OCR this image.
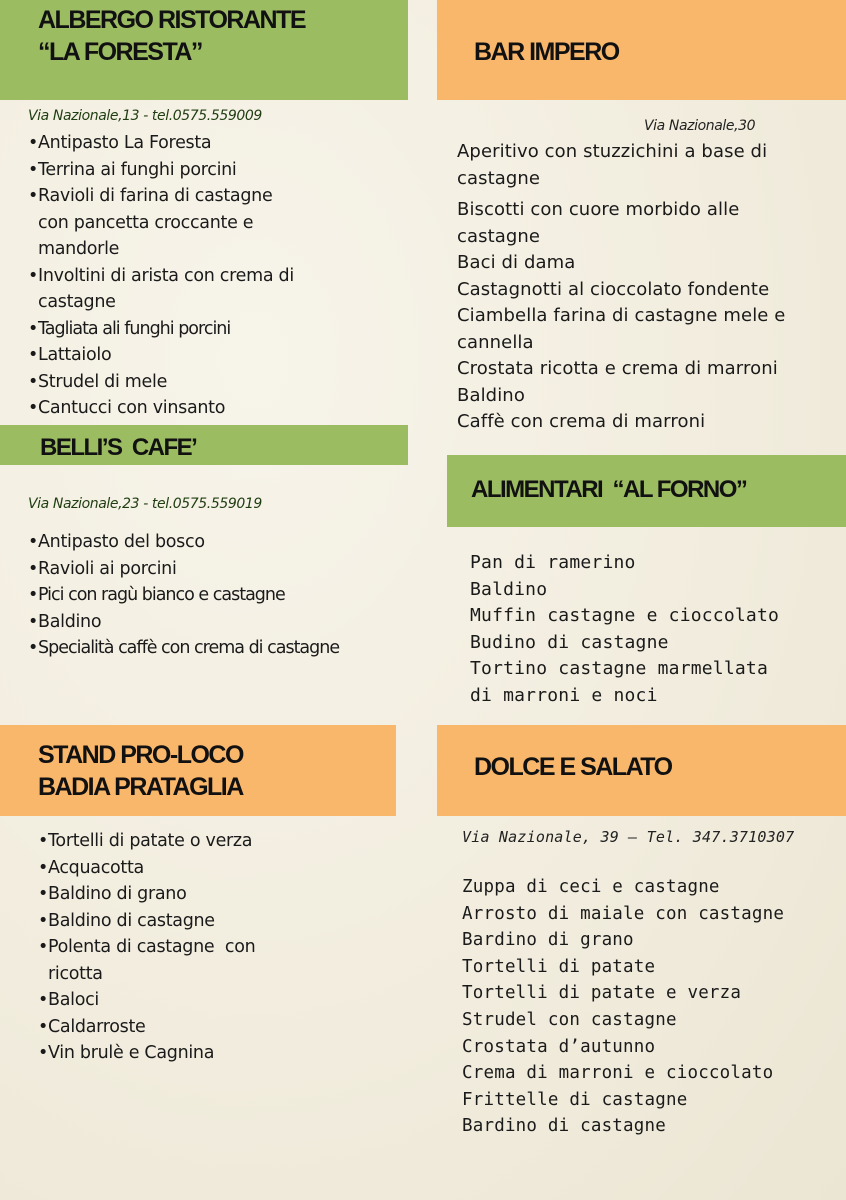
ALBERGO RISTORANTE
“LA FORESTA”
Via Nazionale,13 - tel.0575.559009
• Antipasto La Foresta
• Terrina ai funghi porcini
• Ravioli di farina di castagne con pancetta croccante e mandorle
• Involtini di arista con crema di castagne
• Tagliata ali funghi porcini
• Lattaiolo
• Strudel di mele
• Cantucci con vinsanto
BAR IMPERO
Via Nazionale,30
Aperitivo con stuzzichini a base di castagne
Biscotti con cuore morbido alle castagne
Baci di dama
Castagnotti al cioccolato fondente
Ciambella farina di castagne mele e cannella
Crostata ricotta e crema di marroni
Baldino
Caffè con crema di marroni
BELLI’S  CAFE’
Via Nazionale,23 - tel.0575.559019
• Antipasto del bosco
• Ravioli ai porcini
• Pici con ragù bianco e castagne
• Baldino
• Specialità caffè con crema di castagne
ALIMENTARI  “AL FORNO”
Pan di ramerino
Baldino
Muffin castagne e cioccolato
Budino di castagne
Tortino castagne marmellata di marroni e noci
STAND PRO-LOCO
BADIA PRATAGLIA
• Tortelli di patate o verza
• Acquacotta
• Baldino di grano
• Baldino di castagne
• Polenta di castagne  con ricotta
• Baloci
• Caldarroste
• Vin brulè e Cagnina
DOLCE E SALATO
Via Nazionale, 39 – Tel. 347.3710307
Zuppa di ceci e castagne
Arrosto di maiale con castagne
Bardino di grano
Tortelli di patate
Tortelli di patate e verza
Strudel con castagne
Crostata d’autunno
Crema di marroni e cioccolato
Frittelle di castagne
Bardino di castagne
